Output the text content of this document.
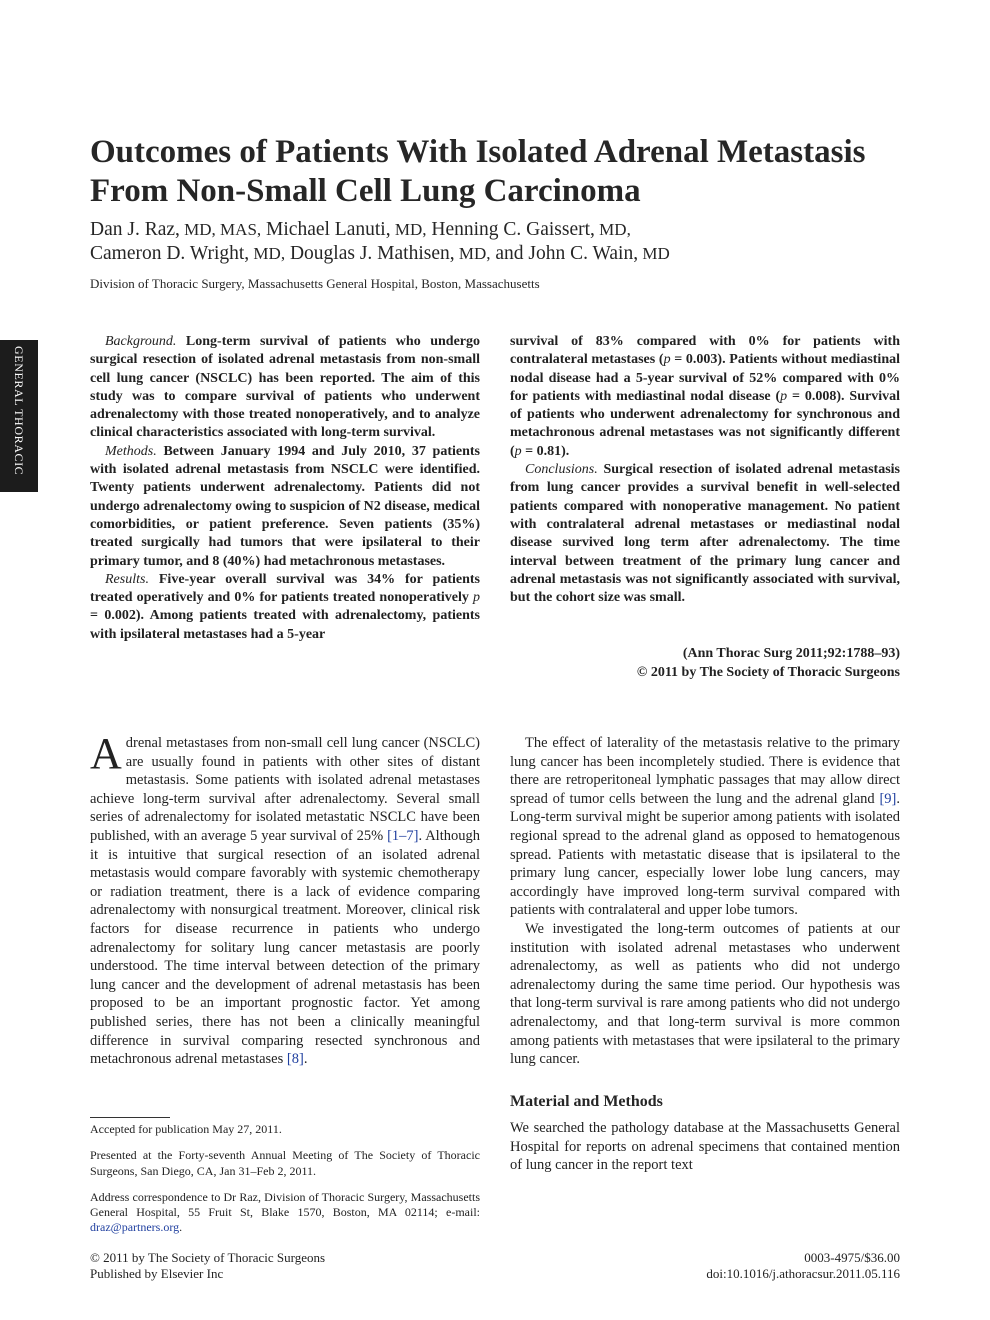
GENERAL THORACIC
Outcomes of Patients With Isolated Adrenal Metastasis From Non-Small Cell Lung Carcinoma
Dan J. Raz, MD, MAS, Michael Lanuti, MD, Henning C. Gaissert, MD,
Cameron D. Wright, MD, Douglas J. Mathisen, MD, and John C. Wain, MD
Division of Thoracic Surgery, Massachusetts General Hospital, Boston, Massachusetts

Background. Long-term survival of patients who undergo surgical resection of isolated adrenal metastasis from non-small cell lung cancer (NSCLC) has been reported. The aim of this study was to compare survival of patients who underwent adrenalectomy with those treated nonoperatively, and to analyze clinical characteristics associated with long-term survival.

Methods. Between January 1994 and July 2010, 37 patients with isolated adrenal metastasis from NSCLC were identified. Twenty patients underwent adrenalectomy. Patients did not undergo adrenalectomy owing to suspicion of N2 disease, medical comorbidities, or patient preference. Seven patients (35%) treated surgically had tumors that were ipsilateral to their primary tumor, and 8 (40%) had metachronous metastases.

Results. Five-year overall survival was 34% for patients treated operatively and 0% for patients treated nonoperatively p = 0.002). Among patients treated with adrenalectomy, patients with ipsilateral metastases had a 5-year

survival of 83% compared with 0% for patients with contralateral metastases (p = 0.003). Patients without mediastinal nodal disease had a 5-year survival of 52% compared with 0% for patients with mediastinal nodal disease (p = 0.008). Survival of patients who underwent adrenalectomy for synchronous and metachronous adrenal metastases was not significantly different (p = 0.81).

Conclusions. Surgical resection of isolated adrenal metastasis from lung cancer provides a survival benefit in well-selected patients compared with nonoperative management. No patient with contralateral adrenal metastases or mediastinal nodal disease survived long term after adrenalectomy. The time interval between treatment of the primary lung cancer and adrenal metastasis was not significantly associated with survival, but the cohort size was small.

(Ann Thorac Surg 2011;92:1788–93)
© 2011 by The Society of Thoracic Surgeons

Adrenal metastases from non-small cell lung cancer (NSCLC) are usually found in patients with other sites of distant metastasis. Some patients with isolated adrenal metastases achieve long-term survival after adrenalectomy. Several small series of adrenalectomy for isolated metastatic NSCLC have been published, with an average 5 year survival of 25% [1–7]. Although it is intuitive that surgical resection of an isolated adrenal metastasis would compare favorably with systemic chemotherapy or radiation treatment, there is a lack of evidence comparing adrenalectomy with nonsurgical treatment. Moreover, clinical risk factors for disease recurrence in patients who undergo adrenalectomy for solitary lung cancer metastasis are poorly understood. The time interval between detection of the primary lung cancer and the development of adrenal metastasis has been proposed to be an important prognostic factor. Yet among published series, there has not been a clinically meaningful difference in survival comparing resected synchronous and metachronous adrenal metastases [8].

The effect of laterality of the metastasis relative to the primary lung cancer has been incompletely studied. There is evidence that there are retroperitoneal lymphatic passages that may allow direct spread of tumor cells between the lung and the adrenal gland [9]. Long-term survival might be superior among patients with isolated regional spread to the adrenal gland as opposed to hematogenous spread. Patients with metastatic disease that is ipsilateral to the primary lung cancer, especially lower lobe lung cancers, may accordingly have improved long-term survival compared with patients with contralateral and upper lobe tumors.

We investigated the long-term outcomes of patients at our institution with isolated adrenal metastases who underwent adrenalectomy, as well as patients who did not undergo adrenalectomy during the same time period. Our hypothesis was that long-term survival is rare among patients who did not undergo adrenalectomy, and that long-term survival is more common among patients with metastases that were ipsilateral to the primary lung cancer.

Material and Methods

We searched the pathology database at the Massachusetts General Hospital for reports on adrenal specimens that contained mention of lung cancer in the report text

Accepted for publication May 27, 2011.

Presented at the Forty-seventh Annual Meeting of The Society of Thoracic Surgeons, San Diego, CA, Jan 31–Feb 2, 2011.

Address correspondence to Dr Raz, Division of Thoracic Surgery, Massachusetts General Hospital, 55 Fruit St, Blake 1570, Boston, MA 02114; e-mail: draz@partners.org.

© 2011 by The Society of Thoracic Surgeons
Published by Elsevier Inc
0003-4975/$36.00
doi:10.1016/j.athoracsur.2011.05.116
